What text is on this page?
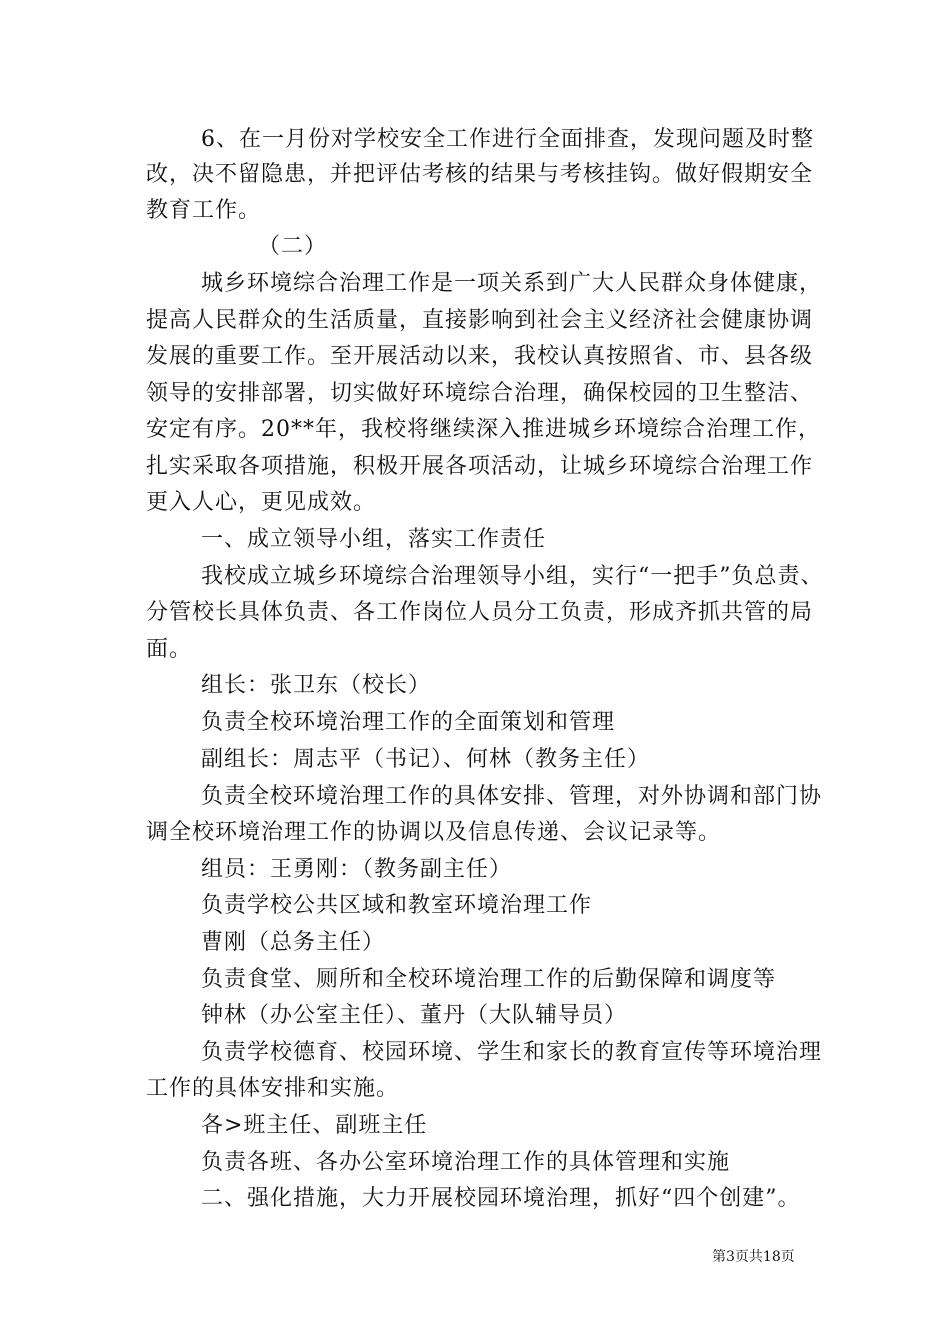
6、在一月份对学校安全工作进行全面排查，发现问题及时整
改，决不留隐患，并把评估考核的结果与考核挂钩。做好假期安全
教育工作。
（二）
城乡环境综合治理工作是一项关系到广大人民群众身体健康，
提高人民群众的生活质量，直接影响到社会主义经济社会健康协调
发展的重要工作。至开展活动以来，我校认真按照省、市、县各级
领导的安排部署，切实做好环境综合治理，确保校园的卫生整洁、
安定有序。20**年，我校将继续深入推进城乡环境综合治理工作，
扎实采取各项措施，积极开展各项活动，让城乡环境综合治理工作
更入人心，更见成效。
一、成立领导小组，落实工作责任
我校成立城乡环境综合治理领导小组，实行“一把手”负总责、
分管校长具体负责、各工作岗位人员分工负责，形成齐抓共管的局
面。
组长：张卫东（校长）
负责全校环境治理工作的全面策划和管理
副组长：周志平（书记）、何林（教务主任）
负责全校环境治理工作的具体安排、管理，对外协调和部门协
调全校环境治理工作的协调以及信息传递、会议记录等。
组员：王勇刚：（教务副主任）
负责学校公共区域和教室环境治理工作
曹刚（总务主任）
负责食堂、厕所和全校环境治理工作的后勤保障和调度等
钟林（办公室主任）、董丹（大队辅导员）
负责学校德育、校园环境、学生和家长的教育宣传等环境治理
工作的具体安排和实施。
各>班主任、副班主任
负责各班、各办公室环境治理工作的具体管理和实施
二、强化措施，大力开展校园环境治理，抓好“四个创建”。
第3页共18页
